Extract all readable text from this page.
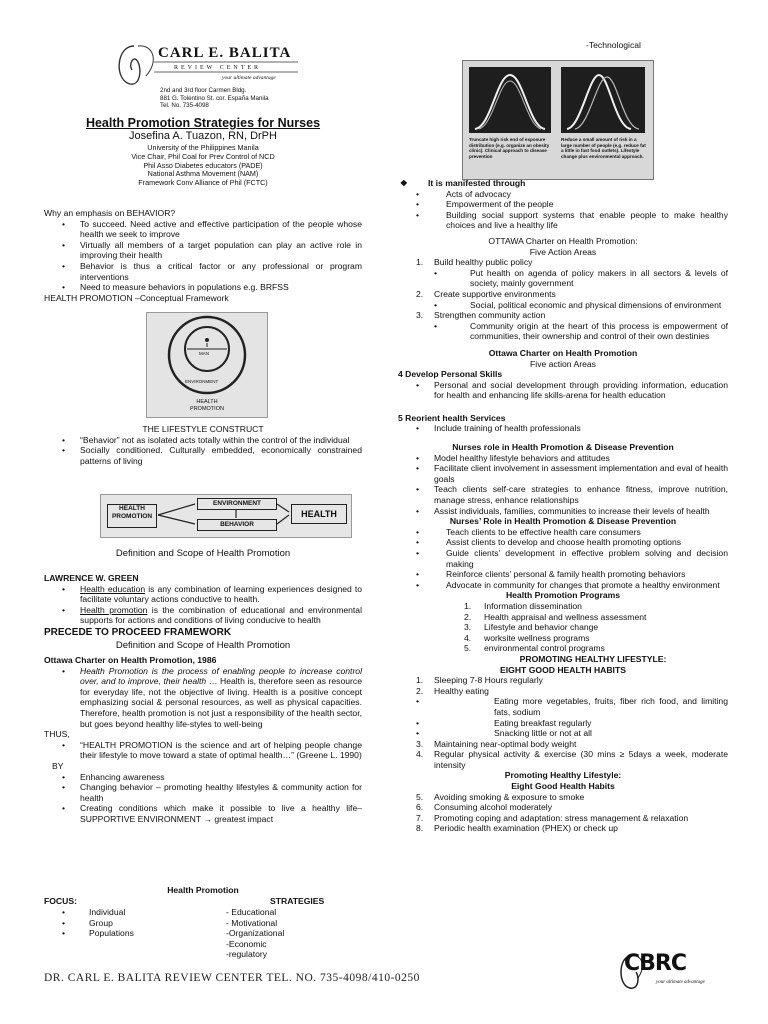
CARL E. BALITA
REVIEW CENTER
your ultimate advantage
2nd and 3rd floor Carmen Bldg.
881 G. Tolentino St. cor. España Manila
Tel. No. 735-4098
Health Promotion Strategies for Nurses
Josefina A. Tuazon, RN, DrPH
University of the Philippines Manila
Vice Chair, Phil Coal for Prev Control of NCD
Phil Asso Diabetes educators (PADE)
National Asthma Movement (NAM)
Framework Conv Alliance of Phil (FCTC)

Why an emphasis on BEHAVIOR?

• To succeed. Need active and effective participation of the people whose health we seek to improve
• Virtually all members of a target population can play an active role in improving their health
• Behavior is thus a critical factor or any professional or program interventions
• Need to measure behaviors in populations e.g. BRFSS

HEALTH PROMOTION –Conceptual Framework

MAN
ENVIRONMENT
HEALTH
PROMOTION

THE LIFESTYLE CONSTRUCT

• “Behavior” not as isolated acts totally within the control of the individual
• Socially conditioned. Culturally embedded, economically constrained patterns of living
HEALTH PROMOTION
ENVIRONMENT
BEHAVIOR
HEALTH

Definition and Scope of Health Promotion

LAWRENCE W. GREEN

• Health education is any combination of learning experiences designed to facilitate voluntary actions conductive to health.
• Health promotion is the combination of educational and environmental supports for actions and conditions of living conducive to health

PRECEDE TO PROCEED FRAMEWORK

Definition and Scope of Health Promotion

Ottawa Charter on Health Promotion, 1986

• Health Promotion is the process of enabling people to increase control over, and to improve, their health … Health is, therefore seen as resource for everyday life, not the objective of living. Health is a positive concept emphasizing social & personal resources, as well as physical capacities. Therefore, health promotion is not just a responsibility of the health sector, but goes beyond healthy life-styles to well-being

THUS,

• “HEALTH PROMOTION is the science and art of helping people change their lifestyle to move toward a state of optimal health…” (Greene L. 1990)

BY

• Enhancing awareness
• Changing behavior – promoting healthy lifestyles & community action for health
• Creating conditions which make it possible to live a healthy life– SUPPORTIVE ENVIRONMENT → greatest impact
Health Promotion
FOCUS:	STRATEGIES
• Individual
• Group
• Populations
- Educational
- Motivational
-Organizational
-Economic
-regulatory
-Technological
Truncate high risk end of exposure distribution (e.g. organize an obesity clinic). Clinical approach to disease prevention
Reduce a small amount of risk in a large number of people (e.g. reduce fat a little in fast food outlets). Lifestyle change plus environmental approach.

❖ It is manifested through

• Acts of advocacy
• Empowerment of the people
• Building social support systems that enable people to make healthy choices and live a healthy life

OTTAWA Charter on Health Promotion:

Five Action Areas

1. Build healthy public policy
• Put health on agenda of policy makers in all sectors & levels of society, mainly government
2. Create supportive environments
• Social, political economic and physical dimensions of environment
3. Strengthen community action
• Community origin at the heart of this process is empowerment of communities, their ownership and control of their own destinies

Ottawa Charter on Health Promotion

Five action Areas

4 Develop Personal Skills

• Personal and social development through providing information, education for health and enhancing life skills-arena for health education

5 Reorient health Services

• Include training of health professionals

Nurses role in Health Promotion & Disease Prevention

• Model healthy lifestyle behaviors and attitudes
• Facilitate client involvement in assessment implementation and eval of health goals
• Teach clients self-care strategies to enhance fitness, improve nutrition, manage stress, enhance relationships
• Assist individuals, families, communities to increase their levels of health

Nurses’ Role in Health Promotion & Disease Prevention

• Teach clients to be effective health care consumers
• Assist clients to develop and choose health promoting options
• Guide clients’ development in effective problem solving and decision making
• Reinforce clients’ personal & family health promoting behaviors
• Advocate in community for changes that promote a healthy environment

Health Promotion Programs

1. Information dissemination
2. Health appraisal and wellness assessment
3. Lifestyle and behavior change
4. worksite wellness programs
5. environmental control programs

PROMOTING HEALTHY LIFESTYLE:

EIGHT GOOD HEALTH HABITS

1. Sleeping 7-8 Hours regularly
2. Healthy eating
• Eating more vegetables, fruits, fiber rich food, and limiting fats, sodium
• Eating breakfast regularly
• Snacking little or not at all
3. Maintaining near-optimal body weight
4. Regular physical activity & exercise (30 mins ≥ 5days a week, moderate intensity

Promoting Healthy Lifestyle:

Eight Good Health Habits

5. Avoiding smoking & exposure to smoke
6. Consuming alcohol moderately
7. Promoting coping and adaptation: stress management & relaxation
8. Periodic health examination (PHEX) or check up
DR. CARL E. BALITA REVIEW CENTER TEL. NO. 735-4098/410-0250
CBRC
your ultimate advantage
